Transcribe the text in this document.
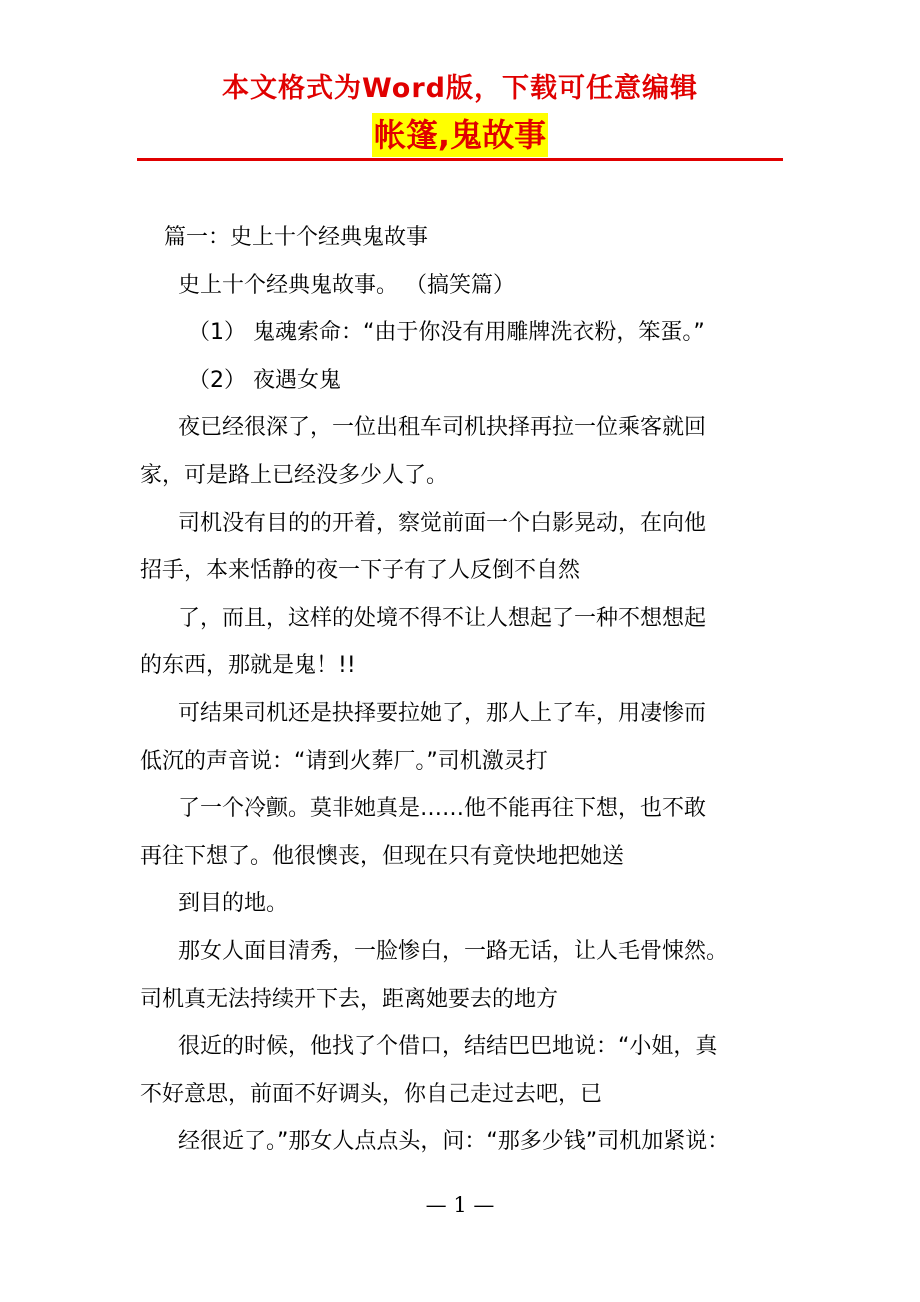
本文格式为Word版，下载可任意编辑
帐篷,鬼故事
篇一：史上十个经典鬼故事
史上十个经典鬼故事。 （搞笑篇）
（1） 鬼魂索命：“由于你没有用雕牌洗衣粉，笨蛋。”
（2） 夜遇女鬼
夜已经很深了，一位出租车司机抉择再拉一位乘客就回
家，可是路上已经没多少人了。
司机没有目的的开着，察觉前面一个白影晃动，在向他
招手，本来恬静的夜一下子有了人反倒不自然
了，而且，这样的处境不得不让人想起了一种不想想起
的东西，那就是鬼！!!
可结果司机还是抉择要拉她了，那人上了车，用凄惨而
低沉的声音说：“请到火葬厂。”司机激灵打
了一个冷颤。莫非她真是……他不能再往下想，也不敢
再往下想了。他很懊丧，但现在只有竟快地把她送
到目的地。
那女人面目清秀，一脸惨白，一路无话，让人毛骨悚然。
司机真无法持续开下去，距离她要去的地方
很近的时候，他找了个借口，结结巴巴地说：“小姐，真
不好意思，前面不好调头，你自己走过去吧，已
经很近了。”那女人点点头，问：“那多少钱”司机加紧说：
— 1 —
